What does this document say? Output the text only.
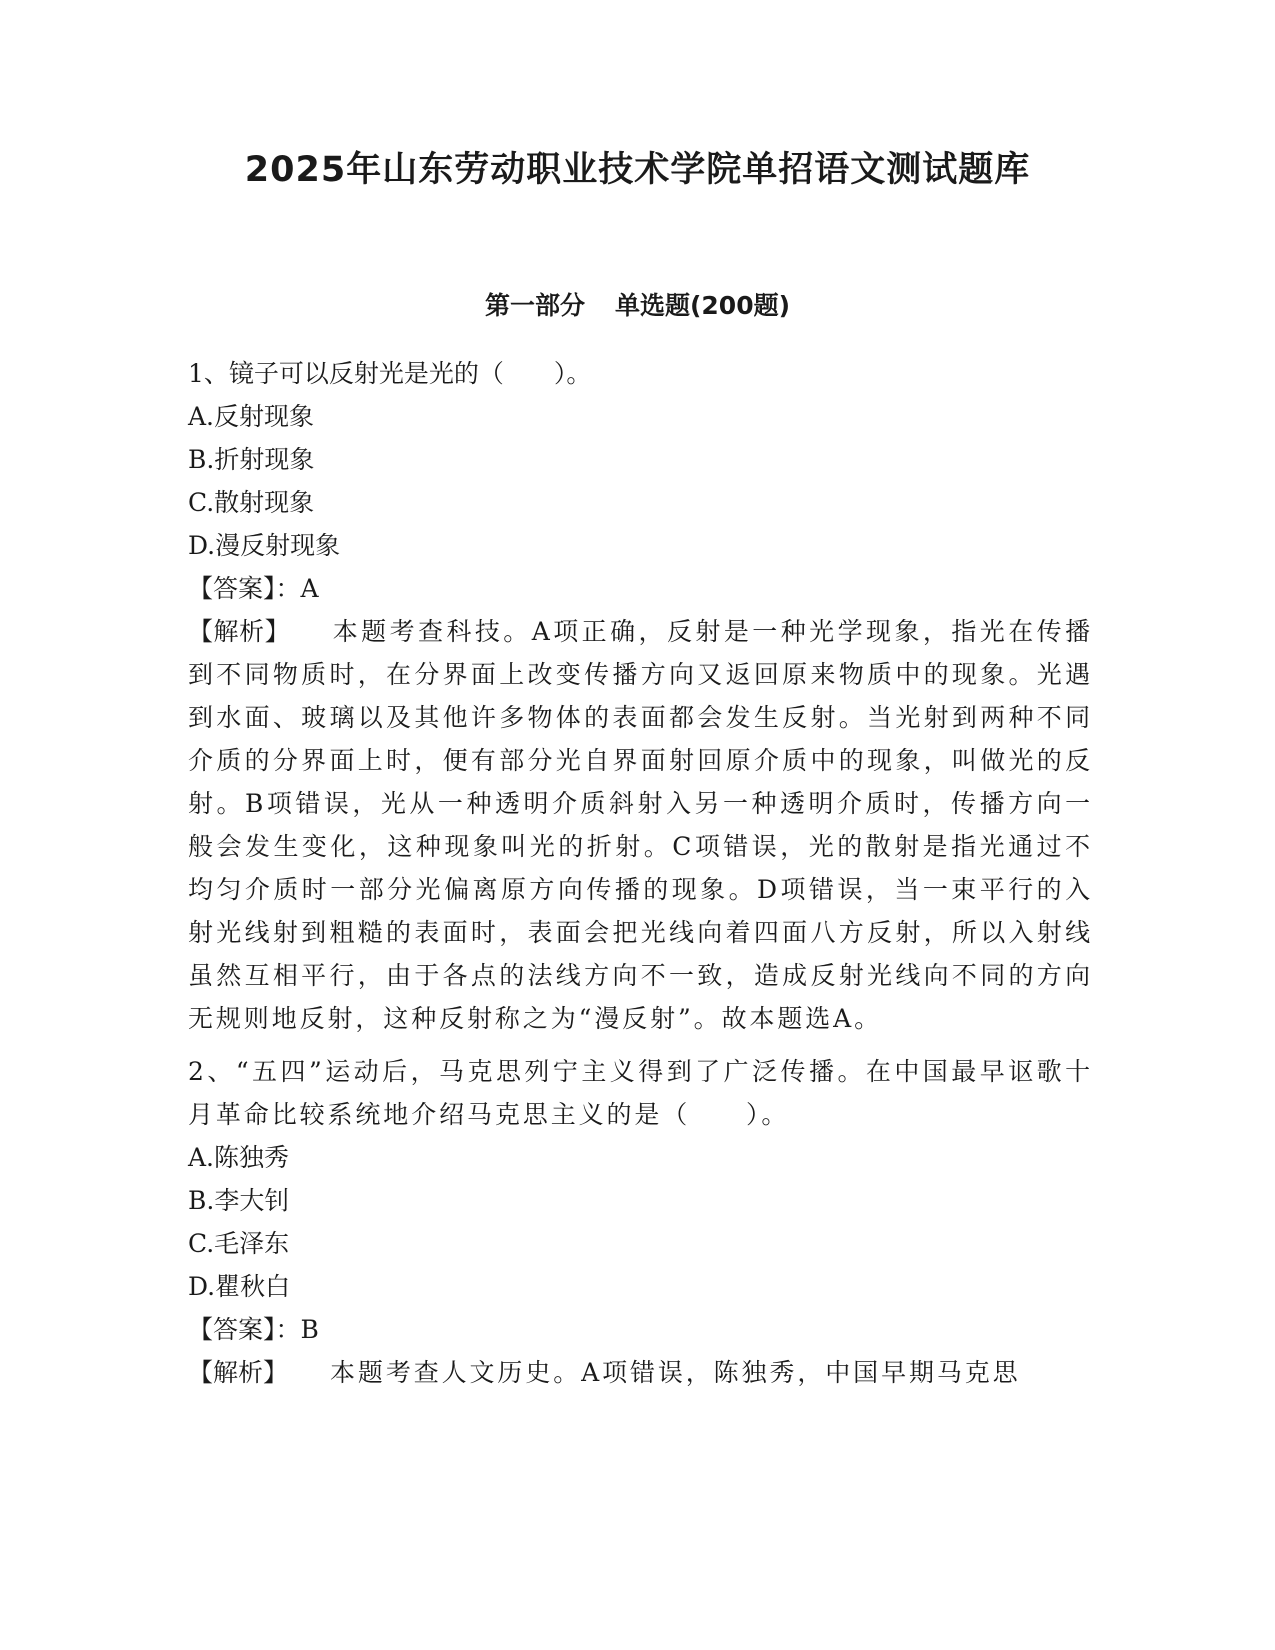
2025年山东劳动职业技术学院单招语文测试题库
第一部分 单选题(200题)
1、镜子可以反射光是光的（　　）。
A.反射现象
B.折射现象
C.散射现象
D.漫反射现象
【答案】：A
【解析】 本题考查科技。A项正确，反射是一种光学现象，指光在传播到不同物质时，在分界面上改变传播方向又返回原来物质中的现象。光遇到水面、玻璃以及其他许多物体的表面都会发生反射。当光射到两种不同介质的分界面上时，便有部分光自界面射回原介质中的现象，叫做光的反射。B项错误，光从一种透明介质斜射入另一种透明介质时，传播方向一般会发生变化，这种现象叫光的折射。C项错误，光的散射是指光通过不均匀介质时一部分光偏离原方向传播的现象。D项错误，当一束平行的入射光线射到粗糙的表面时，表面会把光线向着四面八方反射，所以入射线虽然互相平行，由于各点的法线方向不一致，造成反射光线向不同的方向无规则地反射，这种反射称之为“漫反射”。故本题选A。
2、“五四”运动后，马克思列宁主义得到了广泛传播。在中国最早讴歌十月革命比较系统地介绍马克思主义的是（　　）。
A.陈独秀
B.李大钊
C.毛泽东
D.瞿秋白
【答案】：B
【解析】 本题考查人文历史。A项错误，陈独秀，中国早期马克思
